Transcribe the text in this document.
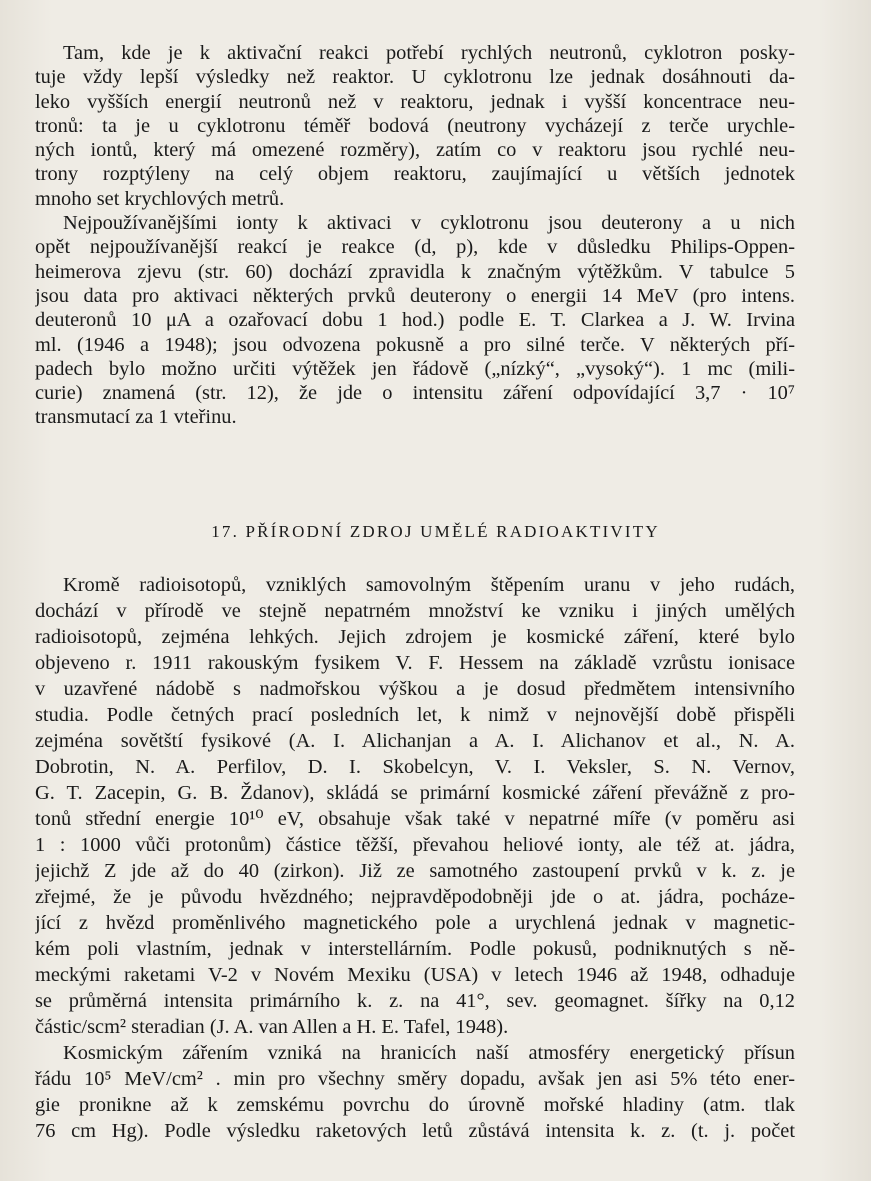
Tam, kde je k aktivační reakci potřebí rychlých neutronů, cyklotron posky-
tuje vždy lepší výsledky než reaktor. U cyklotronu lze jednak dosáhnouti da-
leko vyšších energií neutronů než v reaktoru, jednak i vyšší koncentrace neu-
tronů: ta je u cyklotronu téměř bodová (neutrony vycházejí z terče urychle-
ných iontů, který má omezené rozměry), zatím co v reaktoru jsou rychlé neu-
trony rozptýleny na celý objem reaktoru, zaujímající u větších jednotek
mnoho set krychlových metrů.
Nejpoužívanějšími ionty k aktivaci v cyklotronu jsou deuterony a u nich
opět nejpoužívanější reakcí je reakce (d, p), kde v důsledku Philips-Oppen-
heimerova zjevu (str. 60) dochází zpravidla k značným výtěžkům. V tabulce 5
jsou data pro aktivaci některých prvků deuterony o energii 14 MeV (pro intens.
deuteronů 10 μA a ozařovací dobu 1 hod.) podle E. T. Clarkea a J. W. Irvina
ml. (1946 a 1948); jsou odvozena pokusně a pro silné terče. V některých pří-
padech bylo možno určiti výtěžek jen řádově („nízký“, „vysoký“). 1 mc (mili-
curie) znamená (str. 12), že jde o intensitu záření odpovídající 3,7 · 10⁷
transmutací za 1 vteřinu.
17. PŘÍRODNÍ ZDROJ UMĚLÉ RADIOAKTIVITY
Kromě radioisotopů, vzniklých samovolným štěpením uranu v jeho rudách,
dochází v přírodě ve stejně nepatrném množství ke vzniku i jiných umělých
radioisotopů, zejména lehkých. Jejich zdrojem je kosmické záření, které bylo
objeveno r. 1911 rakouským fysikem V. F. Hessem na základě vzrůstu ionisace
v uzavřené nádobě s nadmořskou výškou a je dosud předmětem intensivního
studia. Podle četných prací posledních let, k nimž v nejnovější době přispěli
zejména sovětští fysikové (A. I. Alichanjan a A. I. Alichanov et al., N. A.
Dobrotin, N. A. Perfilov, D. I. Skobelcyn, V. I. Veksler, S. N. Vernov,
G. T. Zacepin, G. B. Ždanov), skládá se primární kosmické záření převážně z pro-
tonů střední energie 10¹⁰ eV, obsahuje však také v nepatrné míře (v poměru asi
1 : 1000 vůči protonům) částice těžší, převahou heliové ionty, ale též at. jádra,
jejichž Z jde až do 40 (zirkon). Již ze samotného zastoupení prvků v k. z. je
zřejmé, že je původu hvězdného; nejpravděpodobněji jde o at. jádra, pocháze-
jící z hvězd proměnlivého magnetického pole a urychlená jednak v magnetic-
kém poli vlastním, jednak v interstellárním. Podle pokusů, podniknutých s ně-
meckými raketami V-2 v Novém Mexiku (USA) v letech 1946 až 1948, odhaduje
se průměrná intensita primárního k. z. na 41°, sev. geomagnet. šířky na 0,12
částic/scm² steradian (J. A. van Allen a H. E. Tafel, 1948).
Kosmickým zářením vzniká na hranicích naší atmosféry energetický přísun
řádu 10⁵ MeV/cm² . min pro všechny směry dopadu, avšak jen asi 5% této ener-
gie pronikne až k zemskému povrchu do úrovně mořské hladiny (atm. tlak
76 cm Hg). Podle výsledku raketových letů zůstává intensita k. z. (t. j. počet
